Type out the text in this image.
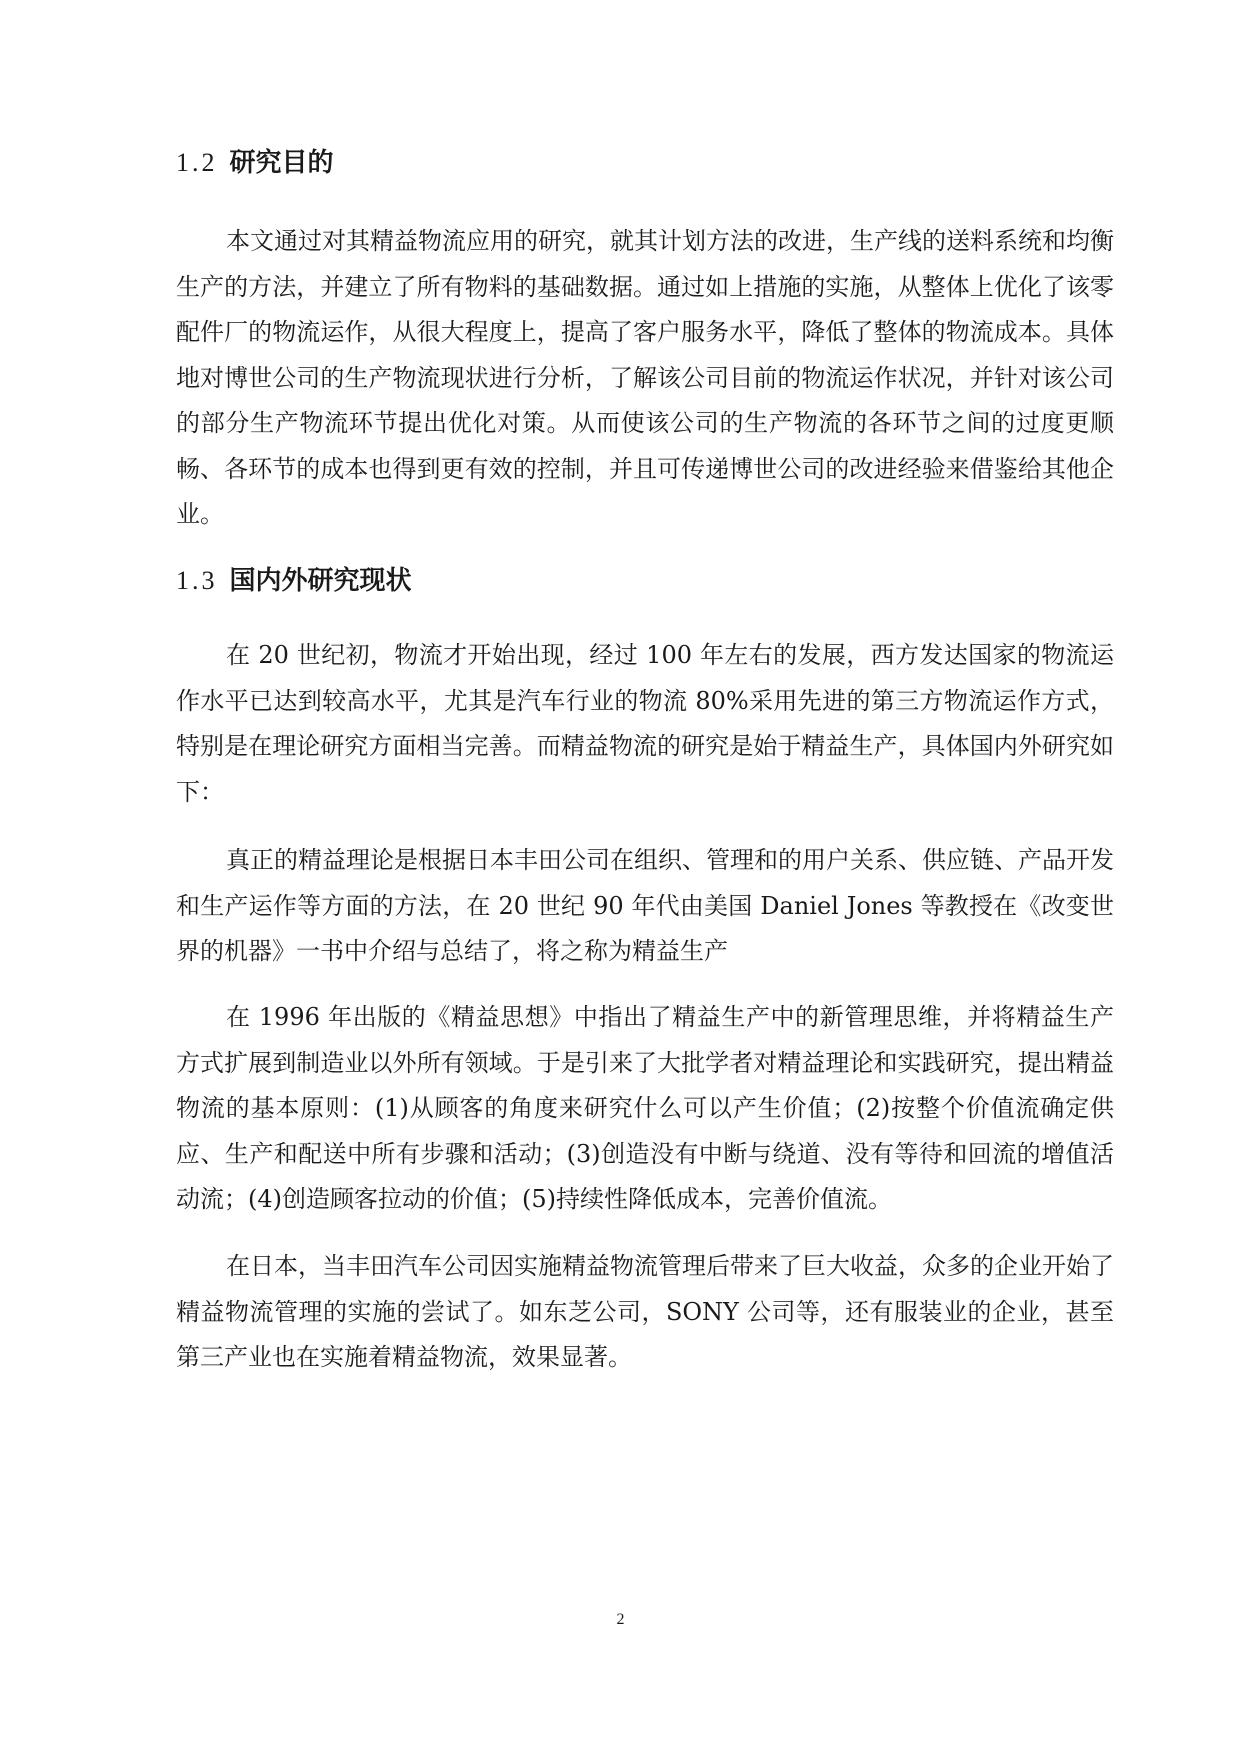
1.2 研究目的

本文通过对其精益物流应用的研究，就其计划方法的改进，生产线的送料系统和均衡生产的方法，并建立了所有物料的基础数据。通过如上措施的实施，从整体上优化了该零配件厂的物流运作，从很大程度上，提高了客户服务水平，降低了整体的物流成本。具体地对博世公司的生产物流现状进行分析，了解该公司目前的物流运作状况，并针对该公司的部分生产物流环节提出优化对策。从而使该公司的生产物流的各环节之间的过度更顺畅、各环节的成本也得到更有效的控制，并且可传递博世公司的改进经验来借鉴给其他企业。

1.3 国内外研究现状

在 20 世纪初，物流才开始出现，经过 100 年左右的发展，西方发达国家的物流运作水平已达到较高水平，尤其是汽车行业的物流 80%采用先进的第三方物流运作方式，特别是在理论研究方面相当完善。而精益物流的研究是始于精益生产，具体国内外研究如下：

真正的精益理论是根据日本丰田公司在组织、管理和的用户关系、供应链、产品开发和生产运作等方面的方法，在 20 世纪 90 年代由美国 Daniel Jones 等教授在《改变世界的机器》一书中介绍与总结了，将之称为精益生产

在 1996 年出版的《精益思想》中指出了精益生产中的新管理思维，并将精益生产方式扩展到制造业以外所有领域。于是引来了大批学者对精益理论和实践研究，提出精益物流的基本原则：(1)从顾客的角度来研究什么可以产生价值；(2)按整个价值流确定供应、生产和配送中所有步骤和活动；(3)创造没有中断与绕道、没有等待和回流的增值活动流；(4)创造顾客拉动的价值；(5)持续性降低成本，完善价值流。

在日本，当丰田汽车公司因实施精益物流管理后带来了巨大收益，众多的企业开始了精益物流管理的实施的尝试了。如东芝公司，SONY 公司等，还有服装业的企业，甚至第三产业也在实施着精益物流，效果显著。

2
